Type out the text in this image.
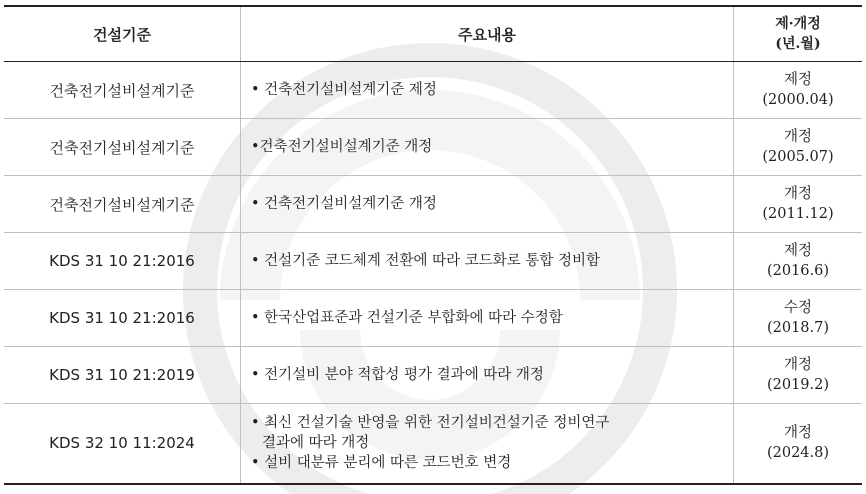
건설기준	주요내용	제·개정
(년.월)

건축전기설비설계기준	• 건축전기설비설계기준 제정	제정
(2000.04)

건축전기설비설계기준	•건축전기설비설계기준 개정	개정
(2005.07)

건축전기설비설계기준	• 건축전기설비설계기준 개정	개정
(2011.12)

KDS 31 10 21:2016	• 건설기준 코드체계 전환에 따라 코드화로 통합 정비함	제정
(2016.6)

KDS 31 10 21:2016	• 한국산업표준과 건설기준 부합화에 따라 수정함	수정
(2018.7)

KDS 31 10 21:2019	• 전기설비 분야 적합성 평가 결과에 따라 개정	개정
(2019.2)

KDS 32 10 11:2024	• 최신 건설기술 반영을 위한 전기설비건설기준 정비연구
결과에 따라 개정
• 설비 대분류 분리에 따른 코드번호 변경	개정
(2024.8)
